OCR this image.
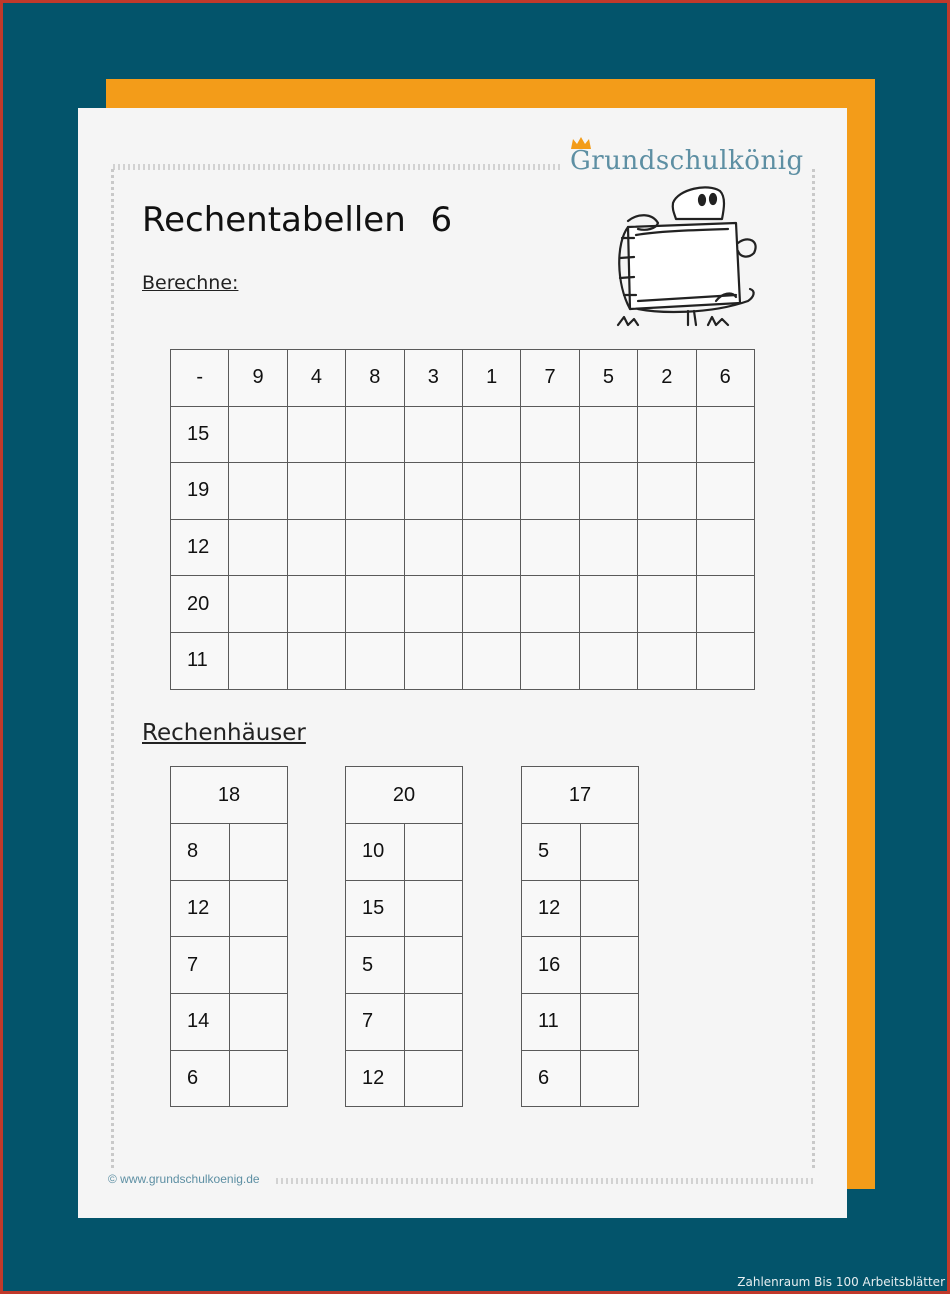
Grundschulkönig
Rechentabellen 6
Berechne:
-	9	4	8	3	1	7	5	2	6
15									
19									
12									
20									
11									
Rechenhäuser
18	
8	
12	
7	
14	
6	
20	
10	
15	
5	
7	
12	
17	
5	
12	
16	
11	
6	
© www.grundschulkoenig.de
Zahlenraum Bis 100 Arbeitsblätter
